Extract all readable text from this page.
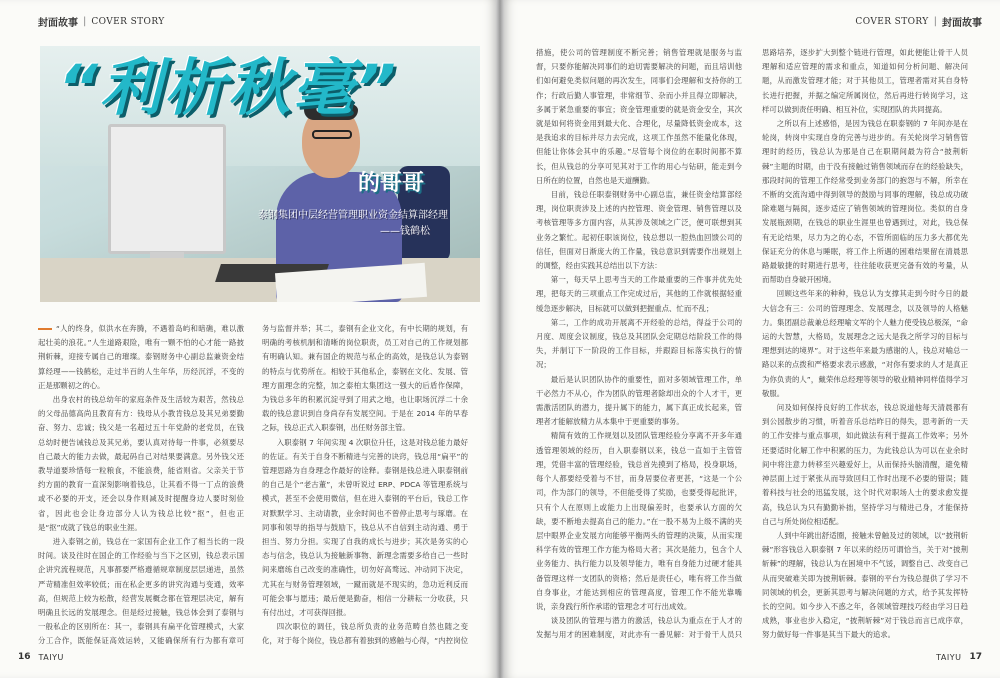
封面故事 | COVER STORY
“利析秋毫”
的哥哥
泰钢集团中层经营管理职业资金结算部经理
——钱鹤松

“人的终身，似洪水在奔腾，不遇着岛屿和暗礁，难以激起壮美的浪花。”人生道路艰险，唯有一颗不怕的心才能一路披荆斩棘，迎接专属自己的璀璨。泰钢财务中心副总监兼资金结算经理——钱鹤松，走过半百的人生年华，历经沉浮，不变的正是那颗初之的心。

出身农村的钱总幼年的家庭条件及生活较为艰苦，然钱总的父母品德高尚且教育有方：钱母从小教肯钱总及其兄弟要勤奋、努力、忠诚；钱父是一名超过五十年党龄的老党员，在钱总幼时便告诫钱总及其兄弟，要认真对待每一件事，必须要尽自己最大的能力去做，最起码自己对结果要满意。另外钱父还教导道要珍惜每一粒粮食，不能浪费，能省则省。父亲关于节约方面的教育一直深刻影响着钱总，让其看不得一丁点的浪费或不必要的开支，还会以身作则减及时提醒身边人要时刻俭省，因此也会让身边部分人认为钱总比较“抠”，但也正是“抠”成就了钱总的职业生涯。

进入泰钢之前，钱总在一家国有企业工作了相当长的一段时间。谈及往时在国企的工作经验与当下之区别，钱总表示国企讲究流程规范，凡事都要严格遵循规章制度层层递进，虽然严苛精准但效率较低；而在私企更多的讲究沟通与变通，效率高，但规范上较为松散，经营发展概念都在管理层决定，解有明确且长远的发展理念。但是经过接触，钱总体会到了泰钢与一般私企的区别所在：其一，泰钢具有扁平化管理模式，大家分工合作，既能保证高效运转，又能确保所有行为都有章可

务与监督并举；其二，泰钢有企业文化，有中长期的规划，有明确的考核机制和清晰的岗位职责，员工对自己的工作规划都有明确认知。兼有国企的规范与私企的高效，是钱总认为泰钢的特点与优势所在。相较于其他私企，泰钢在文化、发展、管理方面理念的完整，加之泰柏太集团这一强大的后盾作保障，为钱总多年的积累沉淀寻到了用武之地，也让职场沉浮二十余载的钱总意识到自身尚存有发展空间。于是在 2014 年的早春之际，钱总正式入职泰钢，出任财务部主管。

入职泰钢 7 年间实现 4 次职位升任，这是对钱总能力最好的佐证。有关于自身不断精进与完善的诀窍，钱总用“扁平”的管理思路为自身理念作最好的诠释。泰钢是钱总进入职泰钢前的自己是个“老古董”，未曾听说过 ERP、PDCA 等管理系统与模式，甚至不会使用微信，但在进入泰钢的平台后，钱总工作对默默学习、主动请教，业余时间也不曾停止思考与琢磨。在同事和领导的指导与鼓励下，钱总从不自信到主动沟通、勇于担当、努力分担。实现了自我的成长与进步；其次是务实的心态与信念，钱总认为接触新事物、新理念需要多给自己一些时间来磨练自己改变的准确性，切勿好高骛远、冲动同下决定，尤其在与财务管理领域，一蹴而就是不现实的，急功近利反而可能会事与愿违；最后便是勤奋，相信一分耕耘一分收获，只有付出过，才可获得回报。

四次职位的调任，钱总所负责的业务范畴自然也随之变化，对于每个岗位，钱总都有着独到的感触与心得，“内控岗位

16 TAIYU
COVER STORY | 封面故事

措施，使公司的管理制度不断完善；销售管理就是服务与监督，只要你能解决同事们的迫切需要解决的问题，而且培训他们如何避免类似问题的再次发生，同事们会理解和支持你的工作；行政后勤人事管理，非常细节、杂而小并且得立即解决，多属于紧急重要的事宜；资金管理重要的就是资金安全，其次就是如何将资金用到最大化、合理化，尽量降低资金成本，这是我追求的目标并尽力去完成，这项工作虽然不能量化体现，但能让你体会其中的乐趣。”尽管每个岗位的在职时间都不算长，但从钱总的分享可见其对于工作的用心与钻研，能走到今日所在的位置，自然也是天道酬勤。

目前，钱总任职泰钢财务中心副总监，兼任资金结算部经理，岗位职责涉及上述的内控管理、资金管理、销售管理以及考核管理等多方面内容，从其涉及领域之广泛，便可联想到其业务之繁忙。起初任职该岗位，钱总想以一腔热血回馈公司的信任，但面对日渐庞大的工作量，钱总意识到需要作出规划上的调整，经由实践其总结出以下方法：

第一，每天早上思考当天的工作最重要的三件事并优先处理，把每天的三项重点工作完成过后，其他的工作就根据轻重缓急逐步解决，目标就可以做到把握重点、忙而不乱；

第二，工作的成功开展离不开经验的总结，得益于公司的月度、周度会议制度，钱总及其团队会定期总结阶段工作的得失，并制订下一阶段的工作目标，并跟踪目标落实执行的情况；

最后是认识团队协作的重要性，面对多领域管理工作，单干必然力不从心，作为团队的管理者除却出众的个人才干，更需激活团队的潜力，提升属下的能力，属下真正成长起来，管理者才能解放精力从本集中于更重要的事务。

精简有效的工作规划以及团队管理经验分享离不开多年通透管理领域的经历，自入职泰钢以来，钱总一直如于主管管理，凭借丰富的管理经验，钱总首先摸到了格局，投身职场，每个人都要经受着与不甘，而身居要位者更甚，“这是一个公司，作为部门的领导，不但能受得了奖励，也要受得起批评，只有个人在原则上或能力上出现偏差时，也要承认方面的欠缺，要不断地去提高自己的能力。”在一股不易为上级不满的夹层中眼界企业发展方向能够平衡两头的管理的决策，从而实现科学有效的管理工作方能为格局大者；其次是能力，包含个人业务能力、执行能力以及领导能力，唯有自身能力过硬才能具备管理这样一支团队的资格；然后是责任心，唯有将工作当做自身事业，才能达到相应的管理高度，管理工作不能光靠嘴说，亲身践行所作承诺的管理念才可行出成效。

谈及团队的管理与潜力的激活，钱总认为重点在于人才的发掘与用才的困难制度，对此亦有一番见解：对于骨干人员只

思路培养，逐步扩大到整个链进行管理，如此便能让骨干人员理解和适应管理的需求和重点，知道如何分析问题、解决问题，从而激发管理才能；对于其他员工，管理者需对其自身特长进行把握，并据之编定所属岗位，然后再进行转岗学习，这样可以做到责任明确、相互补位，实现团队的共同提高。

之所以有上述感悟，是因为钱总在职泰钢的 7 年间亦是在轮岗，转岗中实现自身的完善与进步的。有关轮岗学习销售管理时的经历，钱总认为那是自己在职期间最为符合“披荆斩棘”主题的时期，由于没有接触过销售领域而存在的经验缺失，那段时间的管理工作经常受到业务部门的抱怨与不解，所幸在不断的交流沟通中得到领导的鼓励与同事的理解，钱总成功破除难题与隔阂，逐步适应了销售领域的管理岗位。类似的自身发展瓶颈期，在钱总的职业生涯里也曾遇到过，对此，钱总保有无论结果，尽力为之的心态，不管所面临的压力多大都优先保证充分的休息与睡眠，将工作上所遇的困难结果留在清晨思路最敏捷的时期进行思考，往往能收获更完备有效的考量，从而帮助自身破开困境。

回顾这些年来的种种，钱总认为支撑其走到今时今日的最大信念有三：公司的管理理念、发展理念，以及领导的人格魅力。集团副总裁兼总经理喻文军的个人魅力使受钱总极深，“命运的大智慧，大格局，发展理念之远大是我之所学习的目标与理想到达的境界”。对于这些年来最为感谢的人，钱总对喻总一路以来的点拨和严格要求表示感激，“对你有要求的人才是真正为你负责的人”，戴荣伟总经理等领导的敬业精神同样值得学习敬服。

问及如何保持良好的工作状态，钱总说道他每天清晨都有到公园散步的习惯，听着音乐总结昨日的得失，思考新的一天的工作安排与重点事项，如此做法有利于提高工作效率；另外还要适时化解工作中积累的压力，为此钱总认为可以在业余时间中将注意力转移至兴趣爱好上，从而保持头脑清醒，避免精神层面上过于紧张从而导致回归工作时出现不必要的错误；随着科技与社会的迅猛发展，这个时代对职场人士的要求愈发提高，钱总认为只有勤勤补拙，坚持学习与精进己身，才能保持自己与所处岗位相适配。

人到中年跳出舒适圈，接触未曾触及过的领域，以“披荆斩棘”形容钱总入职泰钢 7 年以来的经历可谓恰当，关于对“披荆斩棘”的理解，钱总认为在困境中不气馁，调整自己、改变自己从而突破难关即为披荆斩棘。泰钢的平台为钱总提供了学习不同领域的机会，更新其思考与解决问题的方式，给予其发挥特长的空间。如今步入不惑之年，各领域管理技巧经由学习日趋成熟，事业也步入稳定，“披荆斩棘”对于钱总而言已成序章，努力做好每一件事是其当下最大的追求。

TAIYU 17
